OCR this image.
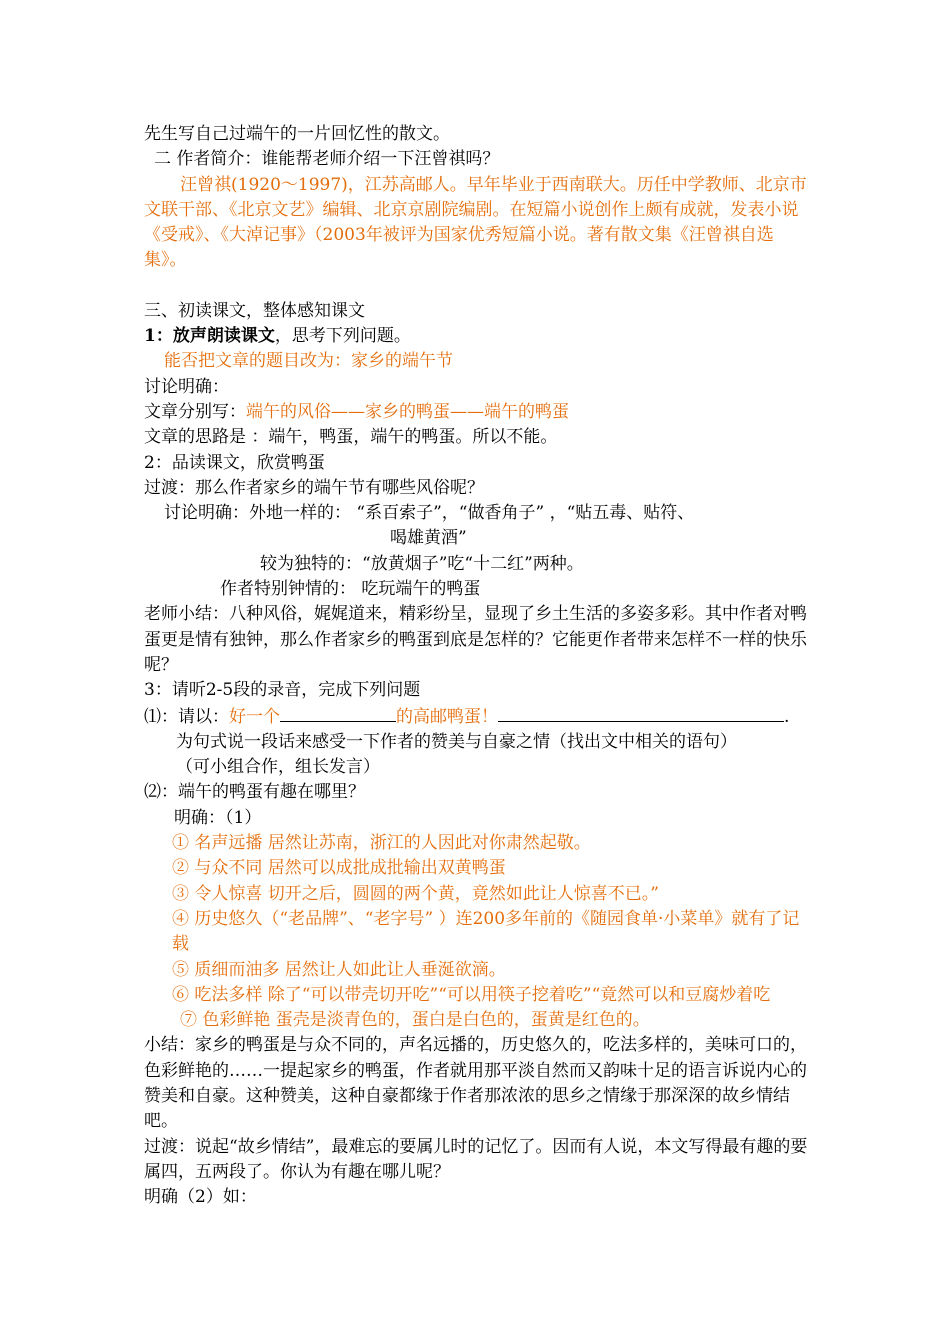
先生写自己过端午的一片回忆性的散文。

二 作者简介：谁能帮老师介绍一下汪曾祺吗？

汪曾祺(1920～1997)，江苏高邮人。早年毕业于西南联大。历任中学教师、北京市文联干部、《北京文艺》编辑、北京京剧院编剧。在短篇小说创作上颇有成就，发表小说《受戒》、《大淖记事》（2003年被评为国家优秀短篇小说。著有散文集《汪曾祺自选集》。

三、初读课文，整体感知课文

1：放声朗读课文，思考下列问题。

能否把文章的题目改为：家乡的端午节

讨论明确：

文章分别写：端午的风俗——家乡的鸭蛋——端午的鸭蛋

文章的思路是 ：端午，鸭蛋，端午的鸭蛋。所以不能。

2：品读课文，欣赏鸭蛋

过渡：那么作者家乡的端午节有哪些风俗呢？

讨论明确：外地一样的： “系百索子”，“做香角子” ，“贴五毒、贴符、

喝雄黄酒”

较为独特的：“放黄烟子”吃“十二红”两种。

作者特别钟情的： 吃玩端午的鸭蛋

老师小结：八种风俗，娓娓道来，精彩纷呈，显现了乡土生活的多姿多彩。其中作者对鸭蛋更是情有独钟，那么作者家乡的鸭蛋到底是怎样的？它能更作者带来怎样不一样的快乐呢？

3：请听2-5段的录音，完成下列问题

⑴：请以：好一个	的高邮鸭蛋！	.

为句式说一段话来感受一下作者的赞美与自豪之情（找出文中相关的语句）

（可小组合作，组长发言）

⑵：端午的鸭蛋有趣在哪里？

明确：（1）

① 名声远播 居然让苏南，浙江的人因此对你肃然起敬。

② 与众不同 居然可以成批成批输出双黄鸭蛋

③ 令人惊喜 切开之后，圆圆的两个黄，竟然如此让人惊喜不已。”

④ 历史悠久（“老品牌”、“老字号” ）连200多年前的《随园食单·小菜单》就有了记载

⑤ 质细而油多 居然让人如此让人垂涎欲滴。

⑥ 吃法多样 除了“可以带壳切开吃”“可以用筷子挖着吃”“竟然可以和豆腐炒着吃

⑦ 色彩鲜艳 蛋壳是淡青色的，蛋白是白色的，蛋黄是红色的。

小结：家乡的鸭蛋是与众不同的，声名远播的，历史悠久的，吃法多样的，美味可口的，色彩鲜艳的……一提起家乡的鸭蛋，作者就用那平淡自然而又韵味十足的语言诉说内心的赞美和自豪。这种赞美，这种自豪都缘于作者那浓浓的思乡之情缘于那深深的故乡情结吧。

过渡：说起“故乡情结”，最难忘的要属儿时的记忆了。因而有人说，本文写得最有趣的要属四，五两段了。你认为有趣在哪儿呢？

明确（2）如：
